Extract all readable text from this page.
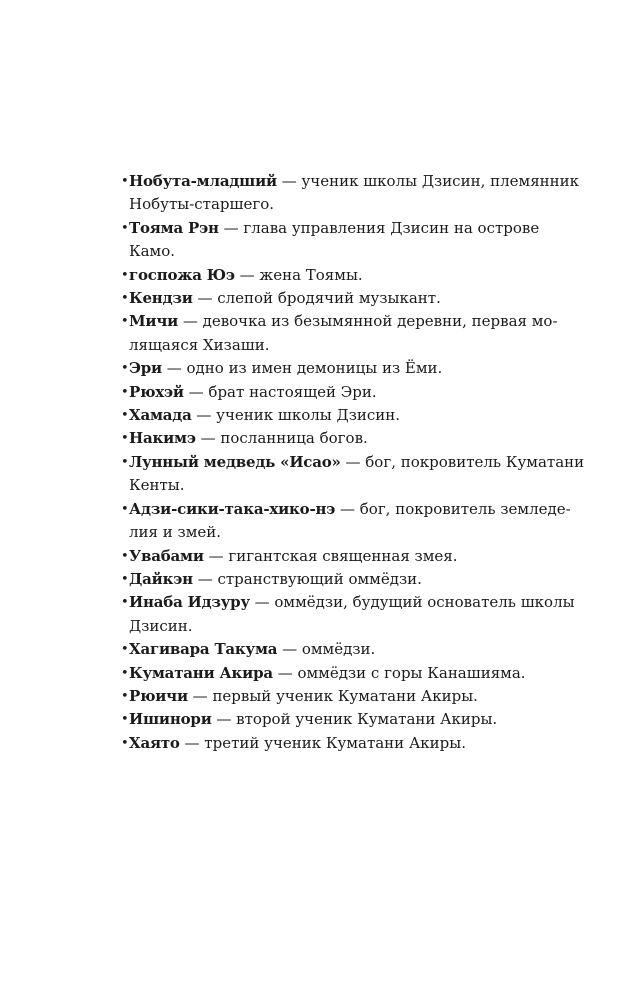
• Нобута-младший — ученик школы Дзисин, племянник
Нобуты-старшего.
• Тояма Рэн — глава управления Дзисин на острове
Камо.
• госпожа Юэ — жена Тоямы.
• Кендзи — слепой бродячий музыкант.
• Мичи — девочка из безымянной деревни, первая мо-
лящаяся Хизаши.
• Эри — одно из имен демоницы из Ёми.
• Рюхэй — брат настоящей Эри.
• Хамада — ученик школы Дзисин.
• Накимэ — посланница богов.
• Лунный медведь «Исао» — бог, покровитель Куматани
Кенты.
• Адзи-сики-така-хико-нэ — бог, покровитель земледе-
лия и змей.
• Увабами — гигантская священная змея.
• Дайкэн — странствующий оммёдзи.
• Инаба Идзуру — оммёдзи, будущий основатель школы
Дзисин.
• Хагивара Такума — оммёдзи.
• Куматани Акира — оммёдзи с горы Канашияма.
• Рюичи — первый ученик Куматани Акиры.
• Ишинори — второй ученик Куматани Акиры.
• Хаято — третий ученик Куматани Акиры.
